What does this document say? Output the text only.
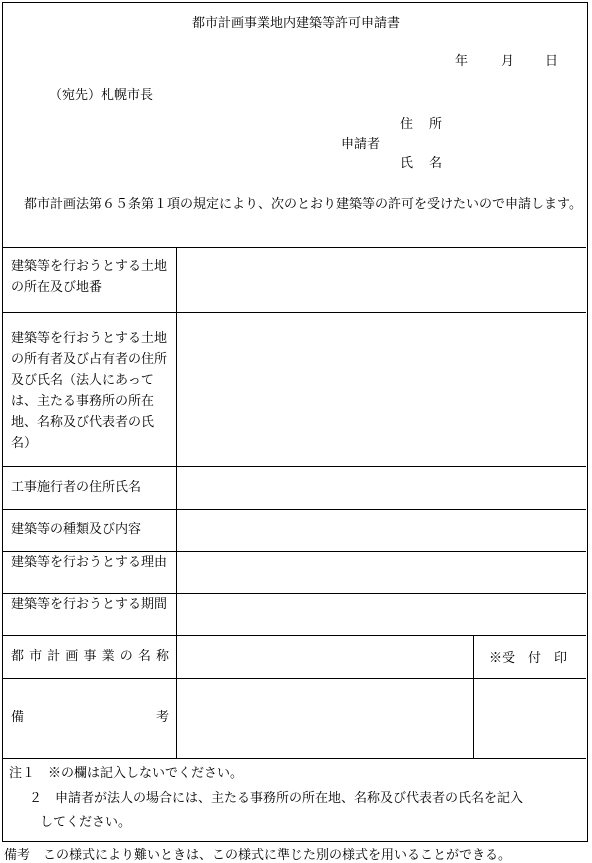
都市計画事業地内建築等許可申請書
年	月 日
（宛先）札幌市長
住所
申請者
氏名
都市計画法第６５条第１項の規定により、次のとおり建築等の許可を受けたいので申請します。
建築等を行おうとする土地の所在及び地番
建築等を行おうとする土地の所有者及び占有者の住所及び氏名（法人にあっては、主たる事務所の所在地、名称及び代表者の氏名）
工事施行者の住所氏名
建築等の種類及び内容
建築等を行おうとする理由
建築等を行おうとする期間
都市計画事業の名称
備考
※受　付　印
注１　※の欄は記入しないでください。
２　申請者が法人の場合には、主たる事務所の所在地、名称及び代表者の氏名を記入
してください。
備考　この様式により難いときは、この様式に準じた別の様式を用いることができる。
